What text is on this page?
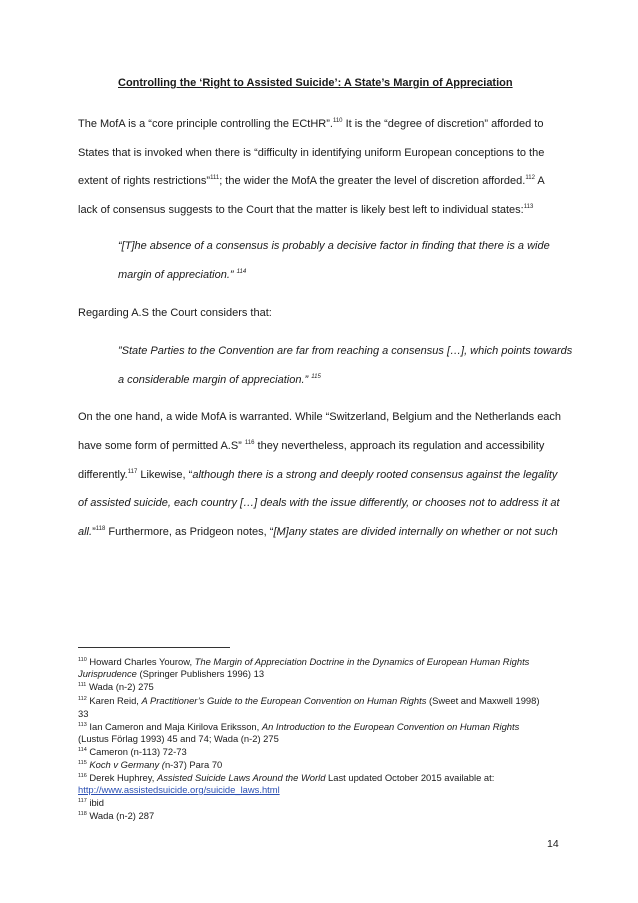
Controlling the ‘Right to Assisted Suicide’: A State’s Margin of Appreciation
The MofA is a “core principle controlling the ECtHR”.$^{110}$ It is the “degree of discretion” afforded to
States that is invoked when there is “difficulty in identifying uniform European conceptions to the
extent of rights restrictions”$^{111}$; the wider the MofA the greater the level of discretion afforded.$^{112}$ A
lack of consensus suggests to the Court that the matter is likely best left to individual states:$^{113}$
“[T]he absence of a consensus is probably a decisive factor in finding that there is a wide
margin of appreciation.” $^{114}$
Regarding A.S the Court considers that:
”State Parties to the Convention are far from reaching a consensus […], which points towards
a considerable margin of appreciation.” $^{115}$
On the one hand, a wide MofA is warranted. While “Switzerland, Belgium and the Netherlands each
have some form of permitted A.S” $^{116}$ they nevertheless, approach its regulation and accessibility
differently.$^{117}$ Likewise, “although there is a strong and deeply rooted consensus against the legality
of assisted suicide, each country […] deals with the issue differently, or chooses not to address it at
all.”$^{118}$ Furthermore, as Pridgeon notes, “[M]any states are divided internally on whether or not such
$^{110}$ Howard Charles Yourow, The Margin of Appreciation Doctrine in the Dynamics of European Human Rights
Jurisprudence (Springer Publishers 1996) 13
$^{111}$ Wada (n-2) 275
$^{112}$ Karen Reid, A Practitioner’s Guide to the European Convention on Human Rights (Sweet and Maxwell 1998)
33
$^{113}$ Ian Cameron and Maja Kirilova Eriksson, An Introduction to the European Convention on Human Rights
(Lustus Förlag 1993) 45 and 74; Wada (n-2) 275
$^{114}$ Cameron (n-113) 72-73
$^{115}$ Koch v Germany (n-37) Para 70
$^{116}$ Derek Huphrey, Assisted Suicide Laws Around the World Last updated October 2015 available at:
http://www.assistedsuicide.org/suicide_laws.html
$^{117}$ ibid
$^{118}$ Wada (n-2) 287
14
